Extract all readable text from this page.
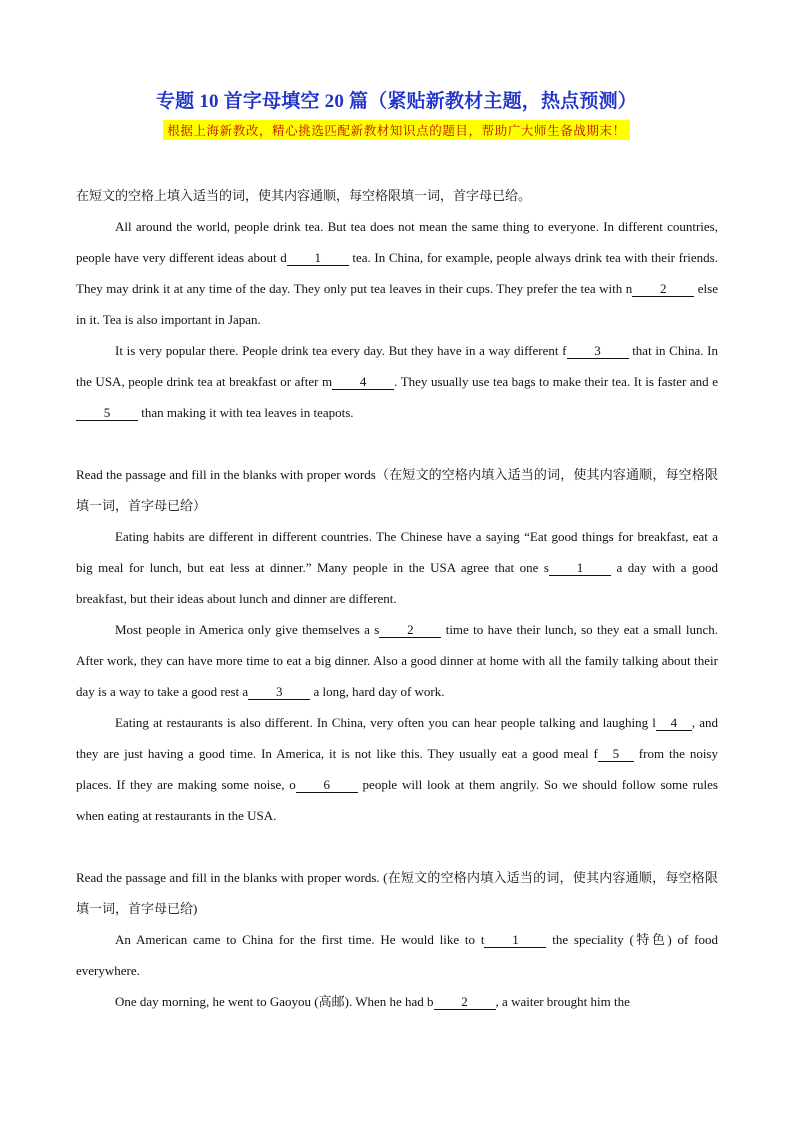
专题 10 首字母填空 20 篇（紧贴新教材主题，热点预测）
根据上海新教改，精心挑选匹配新教材知识点的题目，帮助广大师生备战期末！

在短文的空格上填入适当的词，使其内容通顺，每空格限填一词，首字母已给。

All around the world, people drink tea. But tea does not mean the same thing to everyone. In different countries, people have very different ideas about d 1 tea. In China, for example, people always drink tea with their friends. They may drink it at any time of the day. They only put tea leaves in their cups. They prefer the tea with n 2 else in it. Tea is also important in Japan.

It is very popular there. People drink tea every day. But they have in a way different f 3 that in China. In the USA, people drink tea at breakfast or after m 4 . They usually use tea bags to make their tea. It is faster and e5 than making it with tea leaves in teapots.

Read the passage and fill in the blanks with proper words（在短文的空格内填入适当的词，使其内容通顺，每空格限填一词，首字母已给）

Eating habits are different in different countries. The Chinese have a saying “Eat good things for breakfast, eat a big meal for lunch, but eat less at dinner.” Many people in the USA agree that one s 1 a day with a good breakfast, but their ideas about lunch and dinner are different.

Most people in America only give themselves a s 2 time to have their lunch, so they eat a small lunch. After work, they can have more time to eat a big dinner. Also a good dinner at home with all the family talking about their day is a way to take a good rest a 3 a long, hard day of work.

Eating at restaurants is also different. In China, very often you can hear people talking and laughing l 4 , and they are just having a good time. In America, it is not like this. They usually eat a good meal f 5 from the noisy places. If they are making some noise, o 6 people will look at them angrily. So we should follow some rules when eating at restaurants in the USA.

Read the passage and fill in the blanks with proper words. (在短文的空格内填入适当的词，使其内容通顺，每空格限填一词，首字母已给)

An American came to China for the first time. He would like to t 1 the speciality (特色) of food everywhere.

One day morning, he went to Gaoyou (高邮). When he had b 2 , a waiter brought him the
